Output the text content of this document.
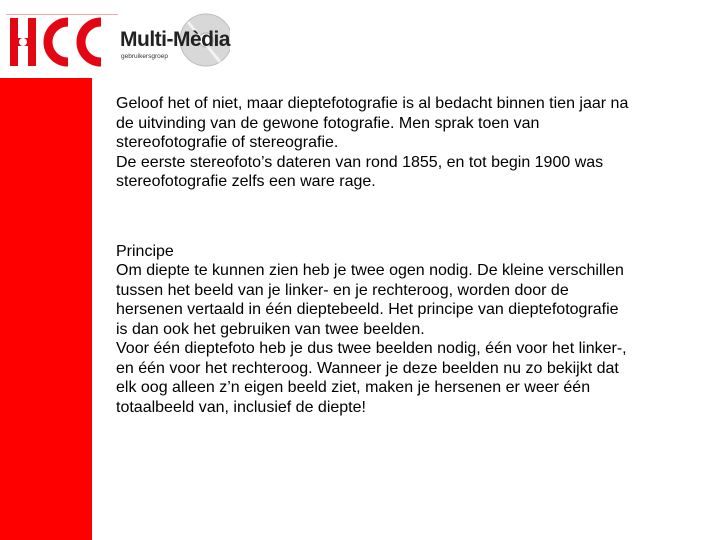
Multi-Mèdia

gebruikersgroep

Geloof het of niet, maar dieptefotografie is al bedacht binnen tien jaar na

de uitvinding van de gewone fotografie. Men sprak toen van

stereofotografie of stereografie.

De eerste stereofoto’s dateren van rond 1855, en tot begin 1900 was

stereofotografie zelfs een ware rage.

Principe

Om diepte te kunnen zien heb je twee ogen nodig. De kleine verschillen

tussen het beeld van je linker- en je rechteroog, worden door de

hersenen vertaald in één dieptebeeld. Het principe van dieptefotografie

is dan ook het gebruiken van twee beelden.

Voor één dieptefoto heb je dus twee beelden nodig, één voor het linker-,

en één voor het rechteroog. Wanneer je deze beelden nu zo bekijkt dat

elk oog alleen z’n eigen beeld ziet, maken je hersenen er weer één

totaalbeeld van, inclusief de diepte!
